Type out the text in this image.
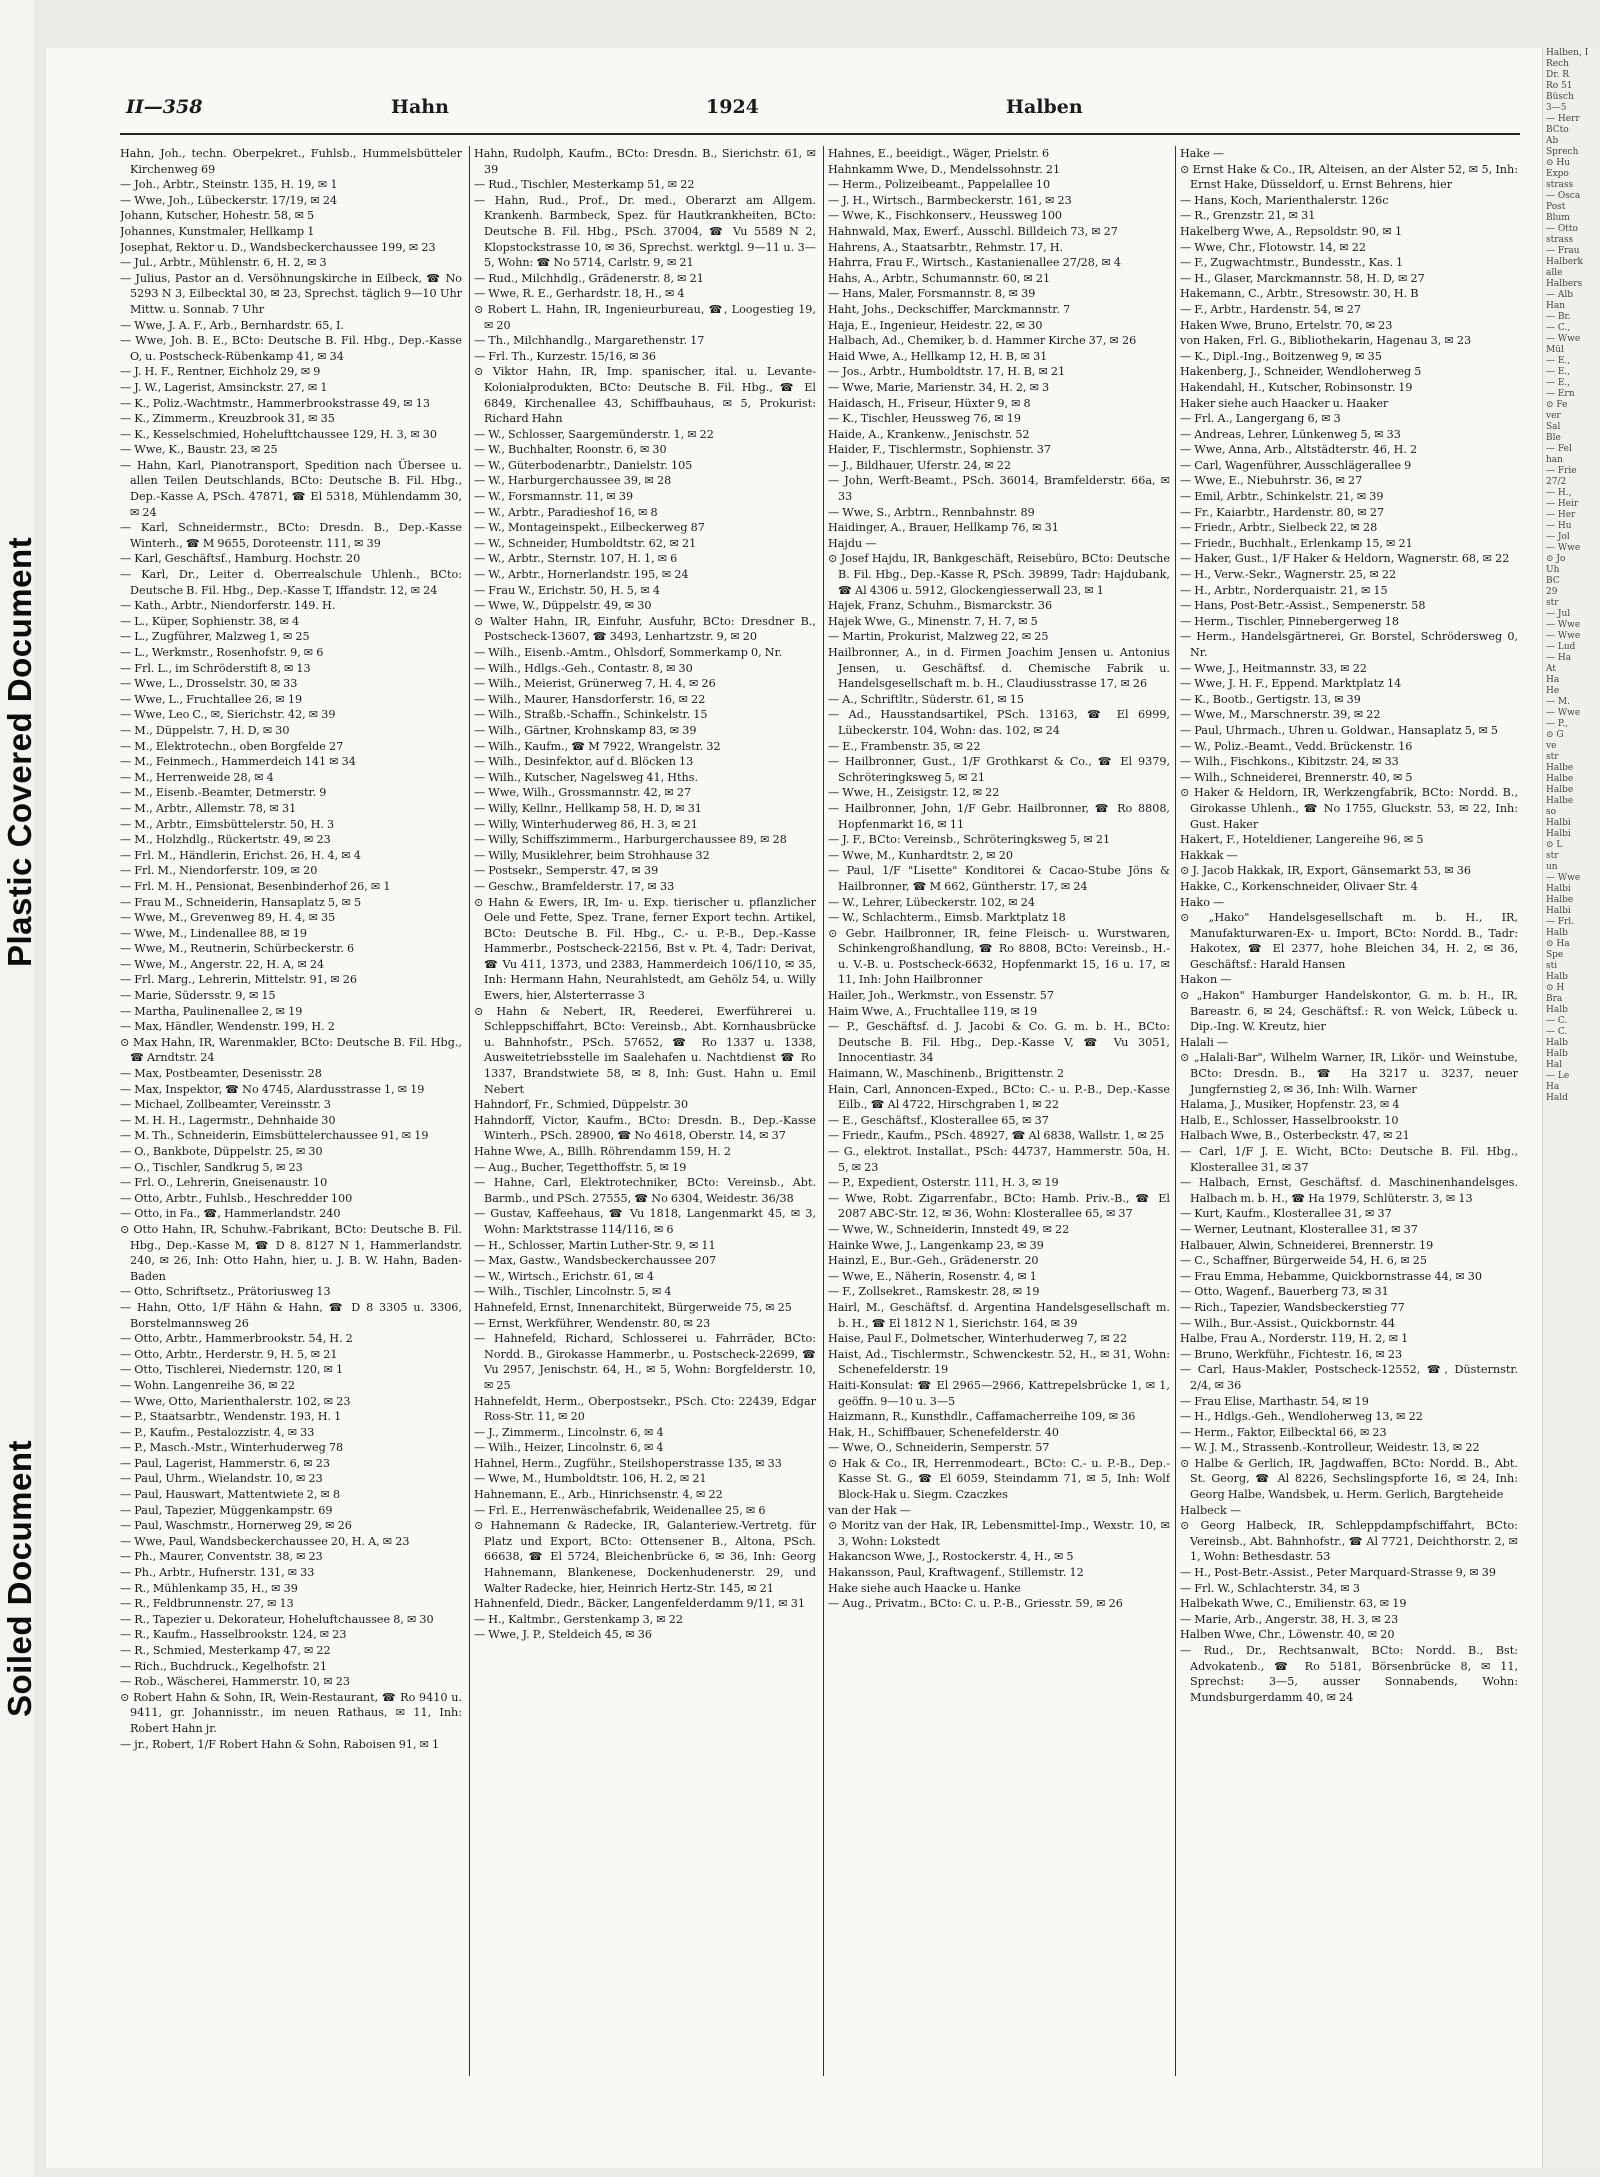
Plastic Covered Document
Soiled Document
Halben, I
Rech
Dr. R
Ro 51
Büsch
3—5
— Herr
BCto
Ab
Sprech
⊙ Hu
Expo
strass
— Osca
Post
Blum
— Otto
strass
— Frau
Halberk
alle
Halbers
— Alb
Han
— Br.
— C.,
— Wwe
Mül
— E.,
— E.,
— E.,
— Ern
⊙ Fe
ver
Sal
Ble
— Fel
han
— Frie
27/2
— H.,
— Heir
— Her
— Hu
— Jol
— Wwe
⊙ Jo
Uh
BC
29
str
— Jul
— Wwe
— Wwe
— Lud
— Ha
At
Ha
He
— M.
— Wwe
— P.,
⊙ G
ve
str
Halbe
Halbe
Halbe
Halbe
so
Halbi
Halbi
⊙ L
str
un
— Wwe
Halbi
Halbe
Halbi
— Frl.
Halb
⊙ Ha
Spe
sti
Halb
⊙ H
Bra
Halb
— C.
— C.
Halb
Halb
Hal
— Le
Ha
Hald
II—358	Hahn	1924	Halben

Hahn, Joh., techn. Oberpekret., Fuhlsb., Hummelsbütteler Kirchenweg 69

— Joh., Arbtr., Steinstr. 135, H. 19, ✉ 1

— Wwe, Joh., Lübeckerstr. 17/19, ✉ 24

Johann, Kutscher, Hohestr. 58, ✉ 5

Johannes, Kunstmaler, Hellkamp 1

Josephat, Rektor u. D., Wandsbeckerchaussee 199, ✉ 23

— Jul., Arbtr., Mühlenstr. 6, H. 2, ✉ 3

— Julius, Pastor an d. Versöhnungskirche in Eilbeck, ☎ No 5293 N 3, Eilbecktal 30, ✉ 23, Sprechst. täglich 9—10 Uhr Mittw. u. Sonnab. 7 Uhr

— Wwe, J. A. F., Arb., Bernhardstr. 65, I.

— Wwe, Joh. B. E., BCto: Deutsche B. Fil. Hbg., Dep.-Kasse O, u. Postscheck-Rübenkamp 41, ✉ 34

— J. H. F., Rentner, Eichholz 29, ✉ 9

— J. W., Lagerist, Amsinckstr. 27, ✉ 1

— K., Poliz.-Wachtmstr., Hammerbrookstrasse 49, ✉ 13

— K., Zimmerm., Kreuzbrook 31, ✉ 35

— K., Kesselschmied, Hohelufttchaussee 129, H. 3, ✉ 30

— Wwe, K., Baustr. 23, ✉ 25

— Hahn, Karl, Pianotransport, Spedition nach Übersee u. allen Teilen Deutschlands, BCto: Deutsche B. Fil. Hbg., Dep.-Kasse A, PSch. 47871, ☎ El 5318, Mühlendamm 30, ✉ 24

— Karl, Schneidermstr., BCto: Dresdn. B., Dep.-Kasse Winterh., ☎ M 9655, Doroteenstr. 111, ✉ 39

— Karl, Geschäftsf., Hamburg. Hochstr. 20

— Karl, Dr., Leiter d. Oberrealschule Uhlenh., BCto: Deutsche B. Fil. Hbg., Dep.-Kasse T, Iffandstr. 12, ✉ 24

— Kath., Arbtr., Niendorferstr. 149. H.

— L., Küper, Sophienstr. 38, ✉ 4

— L., Zugführer, Malzweg 1, ✉ 25

— L., Werkmstr., Rosenhofstr. 9, ✉ 6

— Frl. L., im Schröderstift 8, ✉ 13

— Wwe, L., Drosselstr. 30, ✉ 33

— Wwe, L., Fruchtallee 26, ✉ 19

— Wwe, Leo C., ✉, Sierichstr. 42, ✉ 39

— M., Düppelstr. 7, H. D, ✉ 30

— M., Elektrotechn., oben Borgfelde 27

— M., Feinmech., Hammerdeich 141 ✉ 34

— M., Herrenweide 28, ✉ 4

— M., Eisenb.-Beamter, Detmerstr. 9

— M., Arbtr., Allemstr. 78, ✉ 31

— M., Arbtr., Eimsbüttelerstr. 50, H. 3

— M., Holzhdlg., Rückertstr. 49, ✉ 23

— Frl. M., Händlerin, Erichst. 26, H. 4, ✉ 4

— Frl. M., Niendorferstr. 109, ✉ 20

— Frl. M. H., Pensionat, Besenbinderhof 26, ✉ 1

— Frau M., Schneiderin, Hansaplatz 5, ✉ 5

— Wwe, M., Grevenweg 89, H. 4, ✉ 35

— Wwe, M., Lindenallee 88, ✉ 19

— Wwe, M., Reutnerin, Schürbeckerstr. 6

— Wwe, M., Angerstr. 22, H. A, ✉ 24

— Frl. Marg., Lehrerin, Mittelstr. 91, ✉ 26

— Marie, Südersstr. 9, ✉ 15

— Martha, Paulinenallee 2, ✉ 19

— Max, Händler, Wendenstr. 199, H. 2

⊙ Max Hahn, IR, Warenmakler, BCto: Deutsche B. Fil. Hbg., ☎ Arndtstr. 24

— Max, Postbeamter, Desenisstr. 28

— Max, Inspektor, ☎ No 4745, Alardusstrasse 1, ✉ 19

— Michael, Zollbeamter, Vereinsstr. 3

— M. H. H., Lagermstr., Dehnhaide 30

— M. Th., Schneiderin, Eimsbüttelerchaussee 91, ✉ 19

— O., Bankbote, Düppelstr. 25, ✉ 30

— O., Tischler, Sandkrug 5, ✉ 23

— Frl. O., Lehrerin, Gneisenaustr. 10

— Otto, Arbtr., Fuhlsb., Heschredder 100

— Otto, in Fa., ☎, Hammerlandstr. 240

⊙ Otto Hahn, IR, Schuhw.-Fabrikant, BCto: Deutsche B. Fil. Hbg., Dep.-Kasse M, ☎ D 8. 8127 N 1, Hammerlandstr. 240, ✉ 26, Inh: Otto Hahn, hier, u. J. B. W. Hahn, Baden-Baden

— Otto, Schriftsetz., Prätoriusweg 13

— Hahn, Otto, 1/F Hähn & Hahn, ☎ D 8 3305 u. 3306, Borstelmannsweg 26

— Otto, Arbtr., Hammerbrookstr. 54, H. 2

— Otto, Arbtr., Herderstr. 9, H. 5, ✉ 21

— Otto, Tischlerei, Niedernstr. 120, ✉ 1

— Wohn. Langenreihe 36, ✉ 22

— Wwe, Otto, Marienthalerstr. 102, ✉ 23

— P., Staatsarbtr., Wendenstr. 193, H. 1

— P., Kaufm., Pestalozzistr. 4, ✉ 33

— P., Masch.-Mstr., Winterhuderweg 78

— Paul, Lagerist, Hammerstr. 6, ✉ 23

— Paul, Uhrm., Wielandstr. 10, ✉ 23

— Paul, Hauswart, Mattentwiete 2, ✉ 8

— Paul, Tapezier, Müggenkampstr. 69

— Paul, Waschmstr., Hornerweg 29, ✉ 26

— Wwe, Paul, Wandsbeckerchaussee 20, H. A, ✉ 23

— Ph., Maurer, Conventstr. 38, ✉ 23

— Ph., Arbtr., Hufnerstr. 131, ✉ 33

— R., Mühlenkamp 35, H., ✉ 39

— R., Feldbrunnenstr. 27, ✉ 13

— R., Tapezier u. Dekorateur, Hoheluftchaussee 8, ✉ 30

— R., Kaufm., Hasselbrookstr. 124, ✉ 23

— R., Schmied, Mesterkamp 47, ✉ 22

— Rich., Buchdruck., Kegelhofstr. 21

— Rob., Wäscherei, Hammerstr. 10, ✉ 23

⊙ Robert Hahn & Sohn, IR, Wein-Restaurant, ☎ Ro 9410 u. 9411, gr. Johannisstr., im neuen Rathaus, ✉ 11, Inh: Robert Hahn jr.

— jr., Robert, 1/F Robert Hahn & Sohn, Raboisen 91, ✉ 1

Hahn, Rudolph, Kaufm., BCto: Dresdn. B., Sierichstr. 61, ✉ 39

— Rud., Tischler, Mesterkamp 51, ✉ 22

— Hahn, Rud., Prof., Dr. med., Oberarzt am Allgem. Krankenh. Barmbeck, Spez. für Hautkrankheiten, BCto: Deutsche B. Fil. Hbg., PSch. 37004, ☎ Vu 5589 N 2, Klopstockstrasse 10, ✉ 36, Sprechst. werktgl. 9—11 u. 3—5, Wohn: ☎ No 5714, Carlstr. 9, ✉ 21

— Rud., Milchhdlg., Grädenerstr. 8, ✉ 21

— Wwe, R. E., Gerhardstr. 18, H., ✉ 4

⊙ Robert L. Hahn, IR, Ingenieurbureau, ☎, Loogestieg 19, ✉ 20

— Th., Milchhandlg., Margarethenstr. 17

— Frl. Th., Kurzestr. 15/16, ✉ 36

⊙ Viktor Hahn, IR, Imp. spanischer, ital. u. Levante-Kolonialprodukten, BCto: Deutsche B. Fil. Hbg., ☎ El 6849, Kirchenallee 43, Schiffbauhaus, ✉ 5, Prokurist: Richard Hahn

— W., Schlosser, Saargemünderstr. 1, ✉ 22

— W., Buchhalter, Roonstr. 6, ✉ 30

— W., Güterbodenarbtr., Danielstr. 105

— W., Harburgerchaussee 39, ✉ 28

— W., Forsmannstr. 11, ✉ 39

— W., Arbtr., Paradieshof 16, ✉ 8

— W., Montageinspekt., Eilbeckerweg 87

— W., Schneider, Humboldtstr. 62, ✉ 21

— W., Arbtr., Sternstr. 107, H. 1, ✉ 6

— W., Arbtr., Hornerlandstr. 195, ✉ 24

— Frau W., Erichstr. 50, H. 5, ✉ 4

— Wwe, W., Düppelstr. 49, ✉ 30

⊙ Walter Hahn, IR, Einfuhr, Ausfuhr, BCto: Dresdner B., Postscheck-13607, ☎ 3493, Lenhartzstr. 9, ✉ 20

— Wilh., Eisenb.-Amtm., Ohlsdorf, Sommerkamp 0, Nr.

— Wilh., Hdlgs.-Geh., Contastr. 8, ✉ 30

— Wilh., Meierist, Grünerweg 7, H. 4, ✉ 26

— Wilh., Maurer, Hansdorferstr. 16, ✉ 22

— Wilh., Straßb.-Schaffn., Schinkelstr. 15

— Wilh., Gärtner, Krohnskamp 83, ✉ 39

— Wilh., Kaufm., ☎ M 7922, Wrangelstr. 32

— Wilh., Desinfektor, auf d. Blöcken 13

— Wilh., Kutscher, Nagelsweg 41, Hths.

— Wwe, Wilh., Grossmannstr. 42, ✉ 27

— Willy, Kellnr., Hellkamp 58, H. D, ✉ 31

— Willy, Winterhuderweg 86, H. 3, ✉ 21

— Willy, Schiffszimmerm., Harburgerchaussee 89, ✉ 28

— Willy, Musiklehrer, beim Strohhause 32

— Postsekr., Semperstr. 47, ✉ 39

— Geschw., Bramfelderstr. 17, ✉ 33

⊙ Hahn & Ewers, IR, Im- u. Exp. tierischer u. pflanzlicher Oele und Fette, Spez. Trane, ferner Export techn. Artikel, BCto: Deutsche B. Fil. Hbg., C.- u. P.-B., Dep.-Kasse Hammerbr., Postscheck-22156, Bst v. Pt. 4, Tadr: Derivat, ☎ Vu 411, 1373, und 2383, Hammerdeich 106/110, ✉ 35, Inh: Hermann Hahn, Neurahlstedt, am Gehölz 54, u. Willy Ewers, hier, Alsterterrasse 3

⊙ Hahn & Nebert, IR, Reederei, Ewerführerei u. Schleppschiffahrt, BCto: Vereinsb., Abt. Kornhausbrücke u. Bahnhofstr., PSch. 57652, ☎ Ro 1337 u. 1338, Ausweitetriebsstelle im Saalehafen u. Nachtdienst ☎ Ro 1337, Brandstwiete 58, ✉ 8, Inh: Gust. Hahn u. Emil Nebert

Hahndorf, Fr., Schmied, Düppelstr. 30

Hahndorff, Victor, Kaufm., BCto: Dresdn. B., Dep.-Kasse Winterh., PSch. 28900, ☎ No 4618, Oberstr. 14, ✉ 37

Hahne Wwe, A., Billh. Röhrendamm 159, H. 2

— Aug., Bucher, Tegetthoffstr. 5, ✉ 19

— Hahne, Carl, Elektrotechniker, BCto: Vereinsb., Abt. Barmb., und PSch. 27555, ☎ No 6304, Weidestr. 36/38

— Gustav, Kaffeehaus, ☎ Vu 1818, Langenmarkt 45, ✉ 3, Wohn: Marktstrasse 114/116, ✉ 6

— H., Schlosser, Martin Luther-Str. 9, ✉ 11

— Max, Gastw., Wandsbeckerchaussee 207

— W., Wirtsch., Erichstr. 61, ✉ 4

— Wilh., Tischler, Lincolnstr. 5, ✉ 4

Hahnefeld, Ernst, Innenarchitekt, Bürgerweide 75, ✉ 25

— Ernst, Werkführer, Wendenstr. 80, ✉ 23

— Hahnefeld, Richard, Schlosserei u. Fahrräder, BCto: Nordd. B., Girokasse Hammerbr., u. Postscheck-22699, ☎ Vu 2957, Jenischstr. 64, H., ✉ 5, Wohn: Borgfelderstr. 10, ✉ 25

Hahnefeldt, Herm., Oberpostsekr., PSch. Cto: 22439, Edgar Ross-Str. 11, ✉ 20

— J., Zimmerm., Lincolnstr. 6, ✉ 4

— Wilh., Heizer, Lincolnstr. 6, ✉ 4

Hahnel, Herm., Zugführ., Steilshoperstrasse 135, ✉ 33

— Wwe, M., Humboldtstr. 106, H. 2, ✉ 21

Hahnemann, E., Arb., Hinrichsenstr. 4, ✉ 22

— Frl. E., Herrenwäschefabrik, Weidenallee 25, ✉ 6

⊙ Hahnemann & Radecke, IR, Galanteriew.-Vertretg. für Platz und Export, BCto: Ottensener B., Altona, PSch. 66638, ☎ El 5724, Bleichenbrücke 6, ✉ 36, Inh: Georg Hahnemann, Blankenese, Dockenhudenerstr. 29, und Walter Radecke, hier, Heinrich Hertz-Str. 145, ✉ 21

Hahnenfeld, Diedr., Bäcker, Langenfelderdamm 9/11, ✉ 31

— H., Kaltmbr., Gerstenkamp 3, ✉ 22

— Wwe, J. P., Steldeich 45, ✉ 36

Hahnes, E., beeidigt., Wäger, Prielstr. 6

Hahnkamm Wwe, D., Mendelssohnstr. 21

— Herm., Polizeibeamt., Pappelallee 10

— J. H., Wirtsch., Barmbeckerstr. 161, ✉ 23

— Wwe, K., Fischkonserv., Heussweg 100

Hahnwald, Max, Ewerf., Ausschl. Billdeich 73, ✉ 27

Hahrens, A., Staatsarbtr., Rehmstr. 17, H.

Hahrra, Frau F., Wirtsch., Kastanienallee 27/28, ✉ 4

Hahs, A., Arbtr., Schumannstr. 60, ✉ 21

— Hans, Maler, Forsmannstr. 8, ✉ 39

Haht, Johs., Deckschiffer, Marckmannstr. 7

Haja, E., Ingenieur, Heidestr. 22, ✉ 30

Halbach, Ad., Chemiker, b. d. Hammer Kirche 37, ✉ 26

Haid Wwe, A., Hellkamp 12, H. B, ✉ 31

— Jos., Arbtr., Humboldtstr. 17, H. B, ✉ 21

— Wwe, Marie, Marienstr. 34, H. 2, ✉ 3

Haidasch, H., Friseur, Hüxter 9, ✉ 8

— K., Tischler, Heussweg 76, ✉ 19

Haide, A., Krankenw., Jenischstr. 52

Haider, F., Tischlermstr., Sophienstr. 37

— J., Bildhauer, Uferstr. 24, ✉ 22

— John, Werft-Beamt., PSch. 36014, Bramfelderstr. 66a, ✉ 33

— Wwe, S., Arbtrn., Rennbahnstr. 89

Haidinger, A., Brauer, Hellkamp 76, ✉ 31

Hajdu —

⊙ Josef Hajdu, IR, Bankgeschäft, Reisebüro, BCto: Deutsche B. Fil. Hbg., Dep.-Kasse R, PSch. 39899, Tadr: Hajdubank, ☎ Al 4306 u. 5912, Glockengiesserwall 23, ✉ 1

Hajek, Franz, Schuhm., Bismarckstr. 36

Hajek Wwe, G., Minenstr. 7, H. 7, ✉ 5

— Martin, Prokurist, Malzweg 22, ✉ 25

Hailbronner, A., in d. Firmen Joachim Jensen u. Antonius Jensen, u. Geschäftsf. d. Chemische Fabrik u. Handelsgesellschaft m. b. H., Claudiusstrasse 17, ✉ 26

— A., Schriftltr., Süderstr. 61, ✉ 15

— Ad., Hausstandsartikel, PSch. 13163, ☎ El 6999, Lübeckerstr. 104, Wohn: das. 102, ✉ 24

— E., Frambenstr. 35, ✉ 22

— Hailbronner, Gust., 1/F Grothkarst & Co., ☎ El 9379, Schröteringksweg 5, ✉ 21

— Wwe, H., Zeisigstr. 12, ✉ 22

— Hailbronner, John, 1/F Gebr. Hailbronner, ☎ Ro 8808, Hopfenmarkt 16, ✉ 11

— J. F., BCto: Vereinsb., Schröteringksweg 5, ✉ 21

— Wwe, M., Kunhardtstr. 2, ✉ 20

— Paul, 1/F "Lisette" Konditorei & Cacao-Stube Jöns & Hailbronner, ☎ M 662, Güntherstr. 17, ✉ 24

— W., Lehrer, Lübeckerstr. 102, ✉ 24

— W., Schlachterm., Eimsb. Marktplatz 18

⊙ Gebr. Hailbronner, IR, feine Fleisch- u. Wurstwaren, Schinkengroßhandlung, ☎ Ro 8808, BCto: Vereinsb., H.- u. V.-B. u. Postscheck-6632, Hopfenmarkt 15, 16 u. 17, ✉ 11, Inh: John Hailbronner

Hailer, Joh., Werkmstr., von Essenstr. 57

Haim Wwe, A., Fruchtallee 119, ✉ 19

— P., Geschäftsf. d. J. Jacobi & Co. G. m. b. H., BCto: Deutsche B. Fil. Hbg., Dep.-Kasse V, ☎ Vu 3051, Innocentiastr. 34

Haimann, W., Maschinenb., Brigittenstr. 2

Hain, Carl, Annoncen-Exped., BCto: C.- u. P.-B., Dep.-Kasse Eilb., ☎ Al 4722, Hirschgraben 1, ✉ 22

— E., Geschäftsf., Klosterallee 65, ✉ 37

— Friedr., Kaufm., PSch. 48927, ☎ Al 6838, Wallstr. 1, ✉ 25

— G., elektrot. Installat., PSch: 44737, Hammerstr. 50a, H. 5, ✉ 23

— P., Expedient, Osterstr. 111, H. 3, ✉ 19

— Wwe, Robt. Zigarrenfabr., BCto: Hamb. Priv.-B., ☎ El 2087 ABC-Str. 12, ✉ 36, Wohn: Klosterallee 65, ✉ 37

— Wwe, W., Schneiderin, Innstedt 49, ✉ 22

Hainke Wwe, J., Langenkamp 23, ✉ 39

Hainzl, E., Bur.-Geh., Grädenerstr. 20

— Wwe, E., Näherin, Rosenstr. 4, ✉ 1

— F., Zollsekret., Ramskestr. 28, ✉ 19

Hairl, M., Geschäftsf. d. Argentina Handelsgesellschaft m. b. H., ☎ El 1812 N 1, Sierichstr. 164, ✉ 39

Haise, Paul F., Dolmetscher, Winterhuderweg 7, ✉ 22

Haist, Ad., Tischlermstr., Schwenckestr. 52, H., ✉ 31, Wohn: Schenefelderstr. 19

Haiti-Konsulat: ☎ El 2965—2966, Kattrepelsbrücke 1, ✉ 1, geöffn. 9—10 u. 3—5

Haizmann, R., Kunsthdlr., Caffamacherreihe 109, ✉ 36

Hak, H., Schiffbauer, Schenefelderstr. 40

— Wwe, O., Schneiderin, Semperstr. 57

⊙ Hak & Co., IR, Herrenmodeart., BCto: C.- u. P.-B., Dep.-Kasse St. G., ☎ El 6059, Steindamm 71, ✉ 5, Inh: Wolf Block-Hak u. Siegm. Czaczkes

van der Hak —

⊙ Moritz van der Hak, IR, Lebensmittel-Imp., Wexstr. 10, ✉ 3, Wohn: Lokstedt

Hakancson Wwe, J., Rostockerstr. 4, H., ✉ 5

Hakansson, Paul, Kraftwagenf., Stillemstr. 12

Hake siehe auch Haacke u. Hanke

— Aug., Privatm., BCto: C. u. P.-B., Griesstr. 59, ✉ 26

Hake —

⊙ Ernst Hake & Co., IR, Alteisen, an der Alster 52, ✉ 5, Inh: Ernst Hake, Düsseldorf, u. Ernst Behrens, hier

— Hans, Koch, Marienthalerstr. 126c

— R., Grenzstr. 21, ✉ 31

Hakelberg Wwe, A., Repsoldstr. 90, ✉ 1

— Wwe, Chr., Flotowstr. 14, ✉ 22

— F., Zugwachtmstr., Bundesstr., Kas. 1

— H., Glaser, Marckmannstr. 58, H. D, ✉ 27

Hakemann, C., Arbtr., Stresowstr. 30, H. B

— F., Arbtr., Hardenstr. 54, ✉ 27

Haken Wwe, Bruno, Ertelstr. 70, ✉ 23

von Haken, Frl. G., Bibliothekarin, Hagenau 3, ✉ 23

— K., Dipl.-Ing., Boitzenweg 9, ✉ 35

Hakenberg, J., Schneider, Wendloherweg 5

Hakendahl, H., Kutscher, Robinsonstr. 19

Haker siehe auch Haacker u. Haaker

— Frl. A., Langergang 6, ✉ 3

— Andreas, Lehrer, Lünkenweg 5, ✉ 33

— Wwe, Anna, Arb., Altstädterstr. 46, H. 2

— Carl, Wagenführer, Ausschlägerallee 9

— Wwe, E., Niebuhrstr. 36, ✉ 27

— Emil, Arbtr., Schinkelstr. 21, ✉ 39

— Fr., Kaiarbtr., Hardenstr. 80, ✉ 27

— Friedr., Arbtr., Sielbeck 22, ✉ 28

— Friedr., Buchhalt., Erlenkamp 15, ✉ 21

— Haker, Gust., 1/F Haker & Heldorn, Wagnerstr. 68, ✉ 22

— H., Verw.-Sekr., Wagnerstr. 25, ✉ 22

— H., Arbtr., Norderquaistr. 21, ✉ 15

— Hans, Post-Betr.-Assist., Sempenerstr. 58

— Herm., Tischler, Pinnebergerweg 18

— Herm., Handelsgärtnerei, Gr. Borstel, Schrödersweg 0, Nr.

— Wwe, J., Heitmannstr. 33, ✉ 22

— Wwe, J. H. F., Eppend. Marktplatz 14

— K., Bootb., Gertigstr. 13, ✉ 39

— Wwe, M., Marschnerstr. 39, ✉ 22

— Paul, Uhrmach., Uhren u. Goldwar., Hansaplatz 5, ✉ 5

— W., Poliz.-Beamt., Vedd. Brückenstr. 16

— Wilh., Fischkons., Kibitzstr. 24, ✉ 33

— Wilh., Schneiderei, Brennerstr. 40, ✉ 5

⊙ Haker & Heldorn, IR, Werkzengfabrik, BCto: Nordd. B., Girokasse Uhlenh., ☎ No 1755, Gluckstr. 53, ✉ 22, Inh: Gust. Haker

Hakert, F., Hoteldiener, Langereihe 96, ✉ 5

Hakkak —

⊙ J. Jacob Hakkak, IR, Export, Gänsemarkt 53, ✉ 36

Hakke, C., Korkenschneider, Olivaer Str. 4

Hako —

⊙ „Hako" Handelsgesellschaft m. b. H., IR, Manufakturwaren-Ex- u. Import, BCto: Nordd. B., Tadr: Hakotex, ☎ El 2377, hohe Bleichen 34, H. 2, ✉ 36, Geschäftsf.: Harald Hansen

Hakon —

⊙ „Hakon" Hamburger Handelskontor, G. m. b. H., IR, Bareastr. 6, ✉ 24, Geschäftsf.: R. von Welck, Lübeck u. Dip.-Ing. W. Kreutz, hier

Halali —

⊙ „Halali-Bar", Wilhelm Warner, IR, Likör- und Weinstube, BCto: Dresdn. B., ☎ Ha 3217 u. 3237, neuer Jungfernstieg 2, ✉ 36, Inh: Wilh. Warner

Halama, J., Musiker, Hopfenstr. 23, ✉ 4

Halb, E., Schlosser, Hasselbrookstr. 10

Halbach Wwe, B., Osterbeckstr. 47, ✉ 21

— Carl, 1/F J. E. Wicht, BCto: Deutsche B. Fil. Hbg., Klosterallee 31, ✉ 37

— Halbach, Ernst, Geschäftsf. d. Maschinenhandelsges. Halbach m. b. H., ☎ Ha 1979, Schlüterstr. 3, ✉ 13

— Kurt, Kaufm., Klosterallee 31, ✉ 37

— Werner, Leutnant, Klosterallee 31, ✉ 37

Halbauer, Alwin, Schneiderei, Brennerstr. 19

— C., Schaffner, Bürgerweide 54, H. 6, ✉ 25

— Frau Emma, Hebamme, Quickbornstrasse 44, ✉ 30

— Otto, Wagenf., Bauerberg 73, ✉ 31

— Rich., Tapezier, Wandsbeckerstieg 77

— Wilh., Bur.-Assist., Quickbornstr. 44

Halbe, Frau A., Norderstr. 119, H. 2, ✉ 1

— Bruno, Werkführ., Fichtestr. 16, ✉ 23

— Carl, Haus-Makler, Postscheck-12552, ☎, Düsternstr. 2/4, ✉ 36

— Frau Elise, Marthastr. 54, ✉ 19

— H., Hdlgs.-Geh., Wendloherweg 13, ✉ 22

— Herm., Faktor, Eilbecktal 66, ✉ 23

— W. J. M., Strassenb.-Kontrolleur, Weidestr. 13, ✉ 22

⊙ Halbe & Gerlich, IR, Jagdwaffen, BCto: Nordd. B., Abt. St. Georg, ☎ Al 8226, Sechslingspforte 16, ✉ 24, Inh: Georg Halbe, Wandsbek, u. Herm. Gerlich, Bargteheide

Halbeck —

⊙ Georg Halbeck, IR, Schleppdampfschiffahrt, BCto: Vereinsb., Abt. Bahnhofstr., ☎ Al 7721, Deichthorstr. 2, ✉ 1, Wohn: Bethesdastr. 53

— H., Post-Betr.-Assist., Peter Marquard-Strasse 9, ✉ 39

— Frl. W., Schlachterstr. 34, ✉ 3

Halbekath Wwe, C., Emilienstr. 63, ✉ 19

— Marie, Arb., Angerstr. 38, H. 3, ✉ 23

Halben Wwe, Chr., Löwenstr. 40, ✉ 20

— Rud., Dr., Rechtsanwalt, BCto: Nordd. B., Bst: Advokatenb., ☎ Ro 5181, Börsenbrücke 8, ✉ 11, Sprechst: 3—5, ausser Sonnabends, Wohn: Mundsburgerdamm 40, ✉ 24
